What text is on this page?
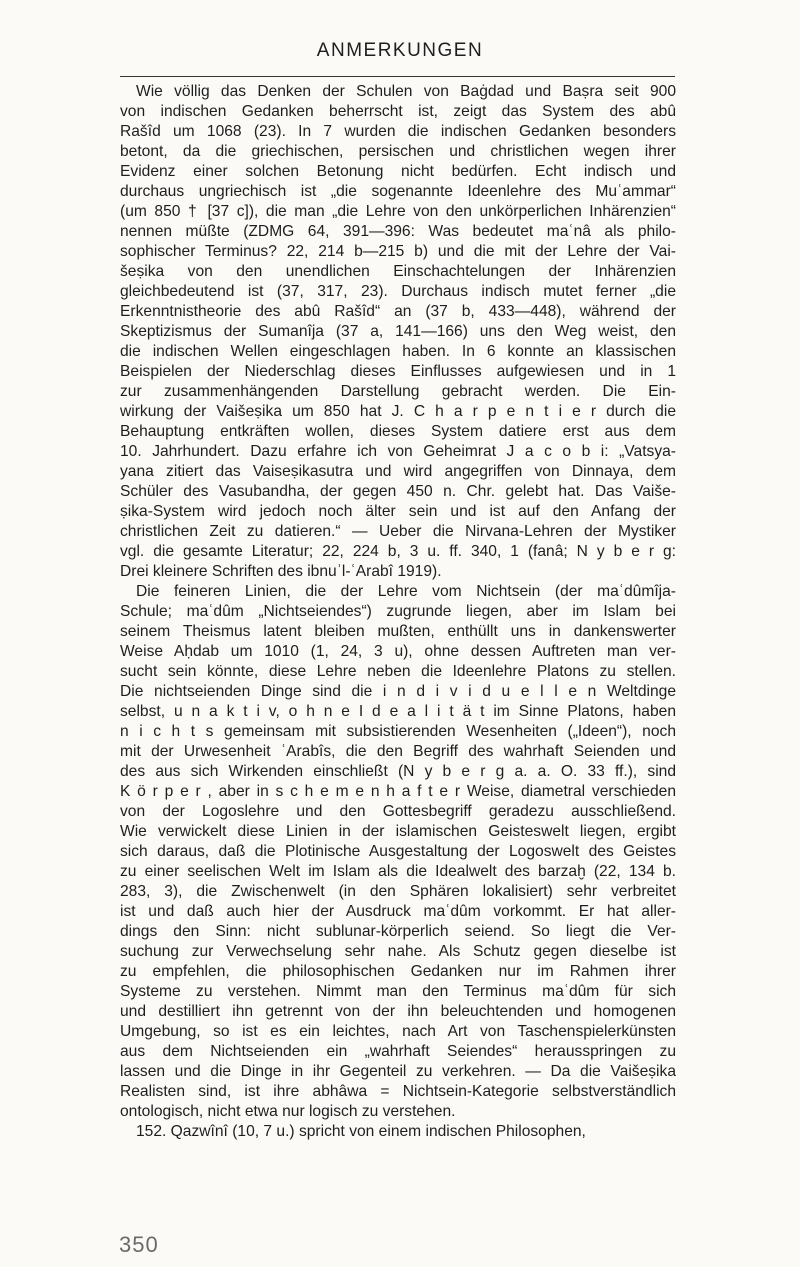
ANMERKUNGEN
Wie völlig das Denken der Schulen von Baġdad und Baṣra seit 900
von indischen Gedanken beherrscht ist, zeigt das System des abû
Rašîd um 1068 (23). In 7 wurden die indischen Gedanken besonders
betont, da die griechischen, persischen und christlichen wegen ihrer
Evidenz einer solchen Betonung nicht bedürfen. Echt indisch und
durchaus ungriechisch ist „die sogenannte Ideenlehre des Muʿammar“
(um 850 † [37 c]), die man „die Lehre von den unkörperlichen Inhärenzien“
nennen müßte (ZDMG 64, 391—396: Was bedeutet maʿnâ als philo-
sophischer Terminus? 22, 214 b—215 b) und die mit der Lehre der Vai-
šeṣika von den unendlichen Einschachtelungen der Inhärenzien
gleichbedeutend ist (37, 317, 23). Durchaus indisch mutet ferner „die
Erkenntnistheorie des abû Rašîd“ an (37 b, 433—448), während der
Skeptizismus der Sumanîja (37 a, 141—166) uns den Weg weist, den
die indischen Wellen eingeschlagen haben. In 6 konnte an klassischen
Beispielen der Niederschlag dieses Einflusses aufgewiesen und in 1
zur zusammenhängenden Darstellung gebracht werden. Die Ein-
wirkung der Vaišeṣika um 850 hat J. C h a r p e n t i e r durch die
Behauptung entkräften wollen, dieses System datiere erst aus dem
10. Jahrhundert. Dazu erfahre ich von Geheimrat J a c o b i: „Vatsya-
yana zitiert das Vaiseṣikasutra und wird angegriffen von Dinnaya, dem
Schüler des Vasubandha, der gegen 450 n. Chr. gelebt hat. Das Vaiše-
ṣika-System wird jedoch noch älter sein und ist auf den Anfang der
christlichen Zeit zu datieren.“ — Ueber die Nirvana-Lehren der Mystiker
vgl. die gesamte Literatur; 22, 224 b, 3 u. ff. 340, 1 (fanâ; N y b e r g:
Drei kleinere Schriften des ibnuʾl-ʿArabî 1919).
Die feineren Linien, die der Lehre vom Nichtsein (der maʿdûmîja-
Schule; maʿdûm „Nichtseiendes“) zugrunde liegen, aber im Islam bei
seinem Theismus latent bleiben mußten, enthüllt uns in dankenswerter
Weise Aḥdab um 1010 (1, 24, 3 u), ohne dessen Auftreten man ver-
sucht sein könnte, diese Lehre neben die Ideenlehre Platons zu stellen.
Die nichtseienden Dinge sind die i n d i v i d u e l l e n Weltdinge
selbst, u n a k t i v, o h n e I d e a l i t ä t im Sinne Platons, haben
n i c h t s gemeinsam mit subsistierenden Wesenheiten („Ideen“), noch
mit der Urwesenheit ʿArabîs, die den Begriff des wahrhaft Seienden und
des aus sich Wirkenden einschließt (N y b e r g a. a. O. 33 ff.), sind
K ö r p e r , aber in s c h e m e n h a f t e r Weise, diametral verschieden
von der Logoslehre und den Gottesbegriff geradezu ausschließend.
Wie verwickelt diese Linien in der islamischen Geisteswelt liegen, ergibt
sich daraus, daß die Plotinische Ausgestaltung der Logoswelt des Geistes
zu einer seelischen Welt im Islam als die Idealwelt des barzaḫ (22, 134 b.
283, 3), die Zwischenwelt (in den Sphären lokalisiert) sehr verbreitet
ist und daß auch hier der Ausdruck maʿdûm vorkommt. Er hat aller-
dings den Sinn: nicht sublunar-körperlich seiend. So liegt die Ver-
suchung zur Verwechselung sehr nahe. Als Schutz gegen dieselbe ist
zu empfehlen, die philosophischen Gedanken nur im Rahmen ihrer
Systeme zu verstehen. Nimmt man den Terminus maʿdûm für sich
und destilliert ihn getrennt von der ihn beleuchtenden und homogenen
Umgebung, so ist es ein leichtes, nach Art von Taschenspielerkünsten
aus dem Nichtseienden ein „wahrhaft Seiendes“ herausspringen zu
lassen und die Dinge in ihr Gegenteil zu verkehren. — Da die Vaišeṣika
Realisten sind, ist ihre abhâwa = Nichtsein-Kategorie selbstverständlich
ontologisch, nicht etwa nur logisch zu verstehen.
152. Qazwînî (10, 7 u.) spricht von einem indischen Philosophen,
350
